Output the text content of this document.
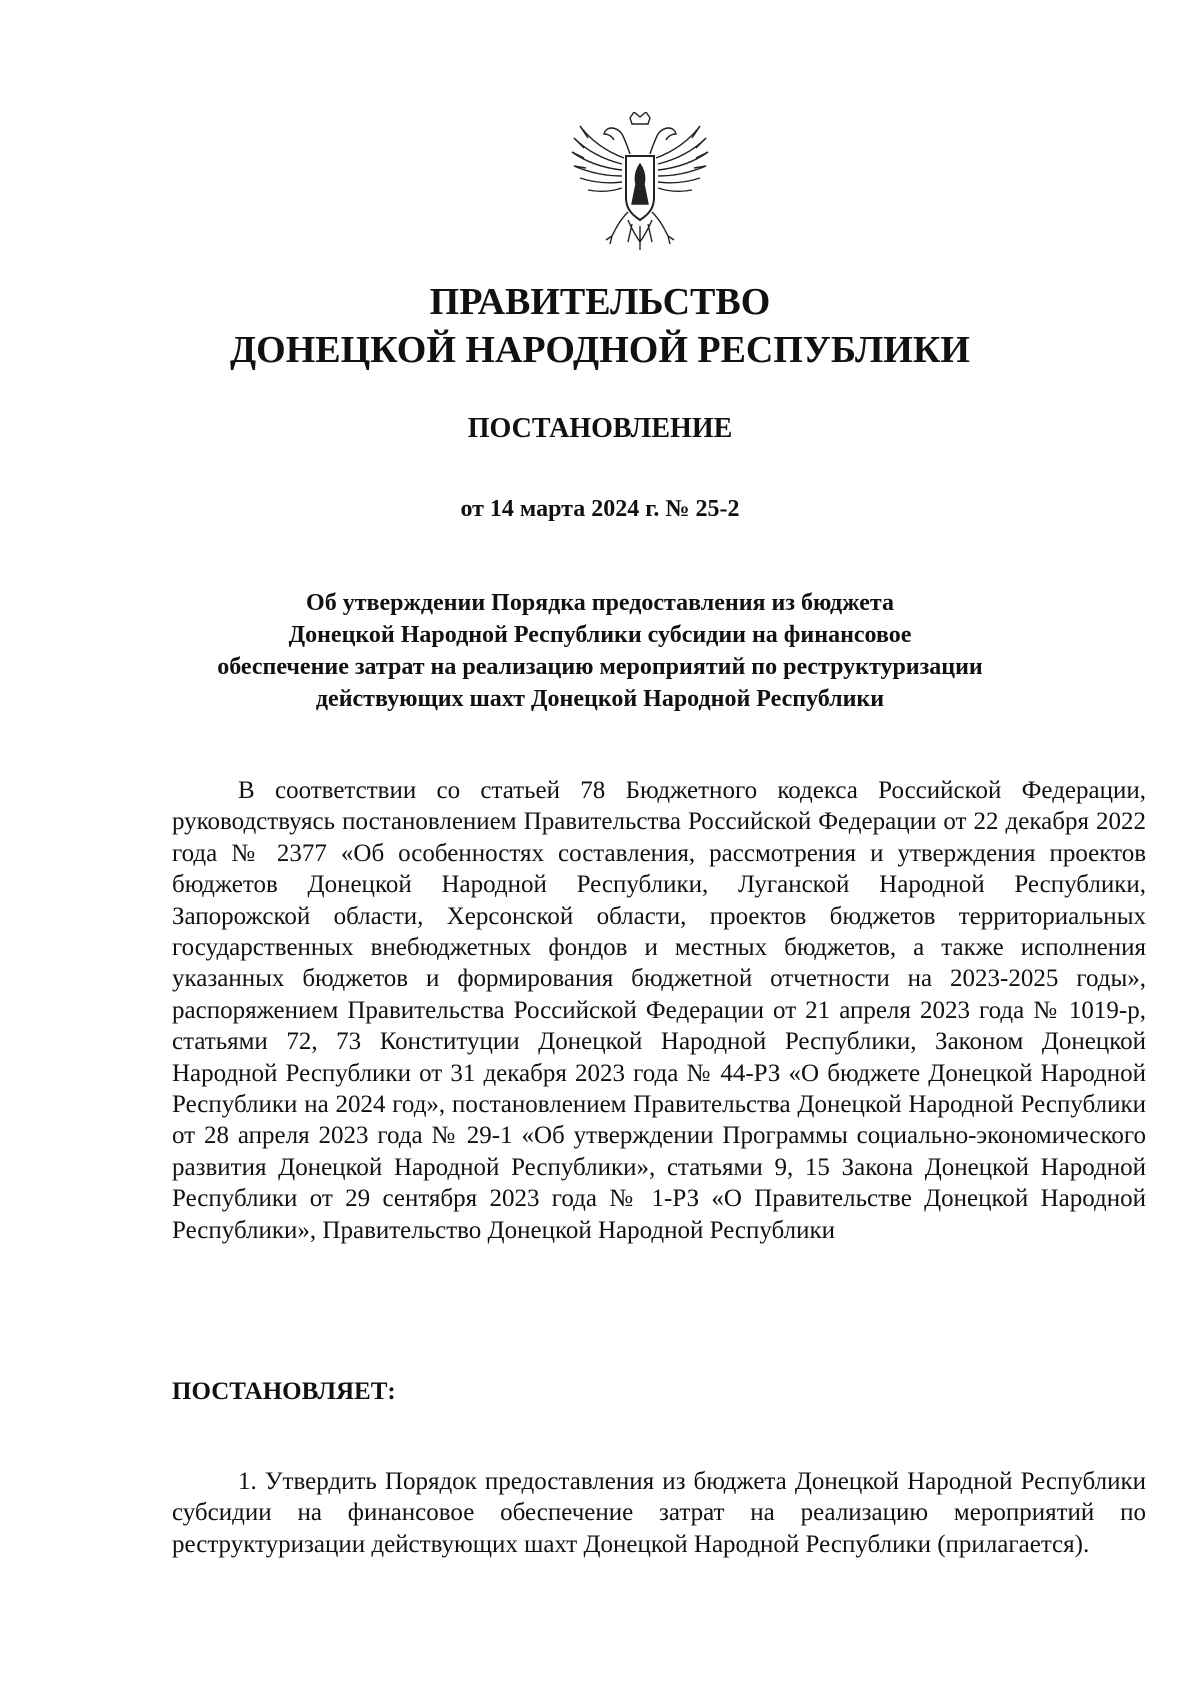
ПРАВИТЕЛЬСТВО
ДОНЕЦКОЙ НАРОДНОЙ РЕСПУБЛИКИ
ПОСТАНОВЛЕНИЕ
от 14 марта 2024 г. № 25-2
Об утверждении Порядка предоставления из бюджета
Донецкой Народной Республики субсидии на финансовое
обеспечение затрат на реализацию мероприятий по реструктуризации
действующих шахт Донецкой Народной Республики

В соответствии со статьей 78 Бюджетного кодекса Российской Федерации, руководствуясь постановлением Правительства Российской Федерации от 22 декабря 2022 года № 2377 «Об особенностях составления, рассмотрения и утверждения проектов бюджетов Донецкой Народной Республики, Луганской Народной Республики, Запорожской области, Херсонской области, проектов бюджетов территориальных государственных внебюджетных фондов и местных бюджетов, а также исполнения указанных бюджетов и формирования бюджетной отчетности на 2023-2025 годы», распоряжением Правительства Российской Федерации от 21 апреля 2023 года № 1019-р, статьями 72, 73 Конституции Донецкой Народной Республики, Законом Донецкой Народной Республики от 31 декабря 2023 года № 44-РЗ «О бюджете Донецкой Народной Республики на 2024 год», постановлением Правительства Донецкой Народной Республики от 28 апреля 2023 года № 29-1 «Об утверждении Программы социально-экономического развития Донецкой Народной Республики», статьями 9, 15 Закона Донецкой Народной Республики от 29 сентября 2023 года № 1-РЗ «О Правительстве Донецкой Народной Республики», Правительство Донецкой Народной Республики

ПОСТАНОВЛЯЕТ:

1. Утвердить Порядок предоставления из бюджета Донецкой Народной Республики субсидии на финансовое обеспечение затрат на реализацию мероприятий по реструктуризации действующих шахт Донецкой Народной Республики (прилагается).
